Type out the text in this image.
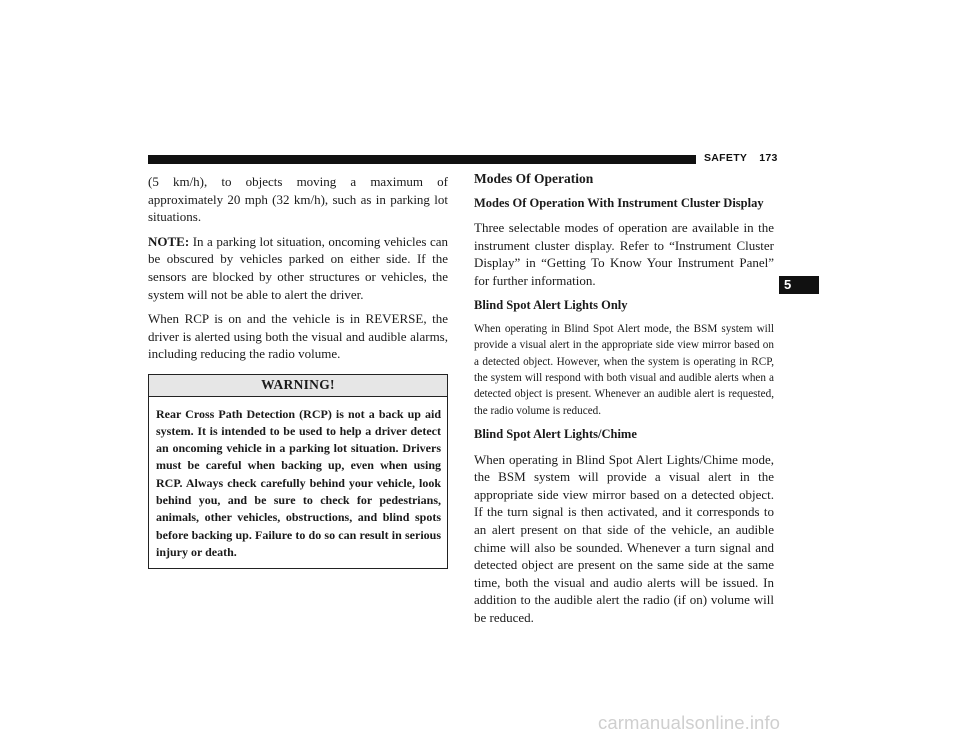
SAFETY 173

(5 km/h), to objects moving a maximum of approximately 20 mph (32 km/h), such as in parking lot situations.

NOTE: In a parking lot situation, oncoming vehicles can be obscured by vehicles parked on either side. If the sensors are blocked by other structures or vehicles, the system will not be able to alert the driver.

When RCP is on and the vehicle is in REVERSE, the driver is alerted using both the visual and audible alarms, including reducing the radio volume.

WARNING!
Rear Cross Path Detection (RCP) is not a back up aid system. It is intended to be used to help a driver detect an oncoming vehicle in a parking lot situation. Drivers must be careful when backing up, even when using RCP. Always check carefully behind your vehicle, look behind you, and be sure to check for pedestrians, animals, other vehicles, obstructions, and blind spots before backing up. Failure to do so can result in serious injury or death.
Modes Of Operation
Modes Of Operation With Instrument Cluster Display

Three selectable modes of operation are available in the instrument cluster display. Refer to “Instrument Cluster Display” in “Getting To Know Your Instrument Panel” for further information.

Blind Spot Alert Lights Only

When operating in Blind Spot Alert mode, the BSM system will provide a visual alert in the appropriate side view mirror based on a detected object. However, when the system is operating in RCP, the system will respond with both visual and audible alerts when a detected object is present. Whenever an audible alert is requested, the radio volume is reduced.

Blind Spot Alert Lights/Chime

When operating in Blind Spot Alert Lights/Chime mode, the BSM system will provide a visual alert in the appropriate side view mirror based on a detected object. If the turn signal is then activated, and it corresponds to an alert present on that side of the vehicle, an audible chime will also be sounded. Whenever a turn signal and detected object are present on the same side at the same time, both the visual and audio alerts will be issued. In addition to the audible alert the radio (if on) volume will be reduced.

5
carmanualsonline.info
